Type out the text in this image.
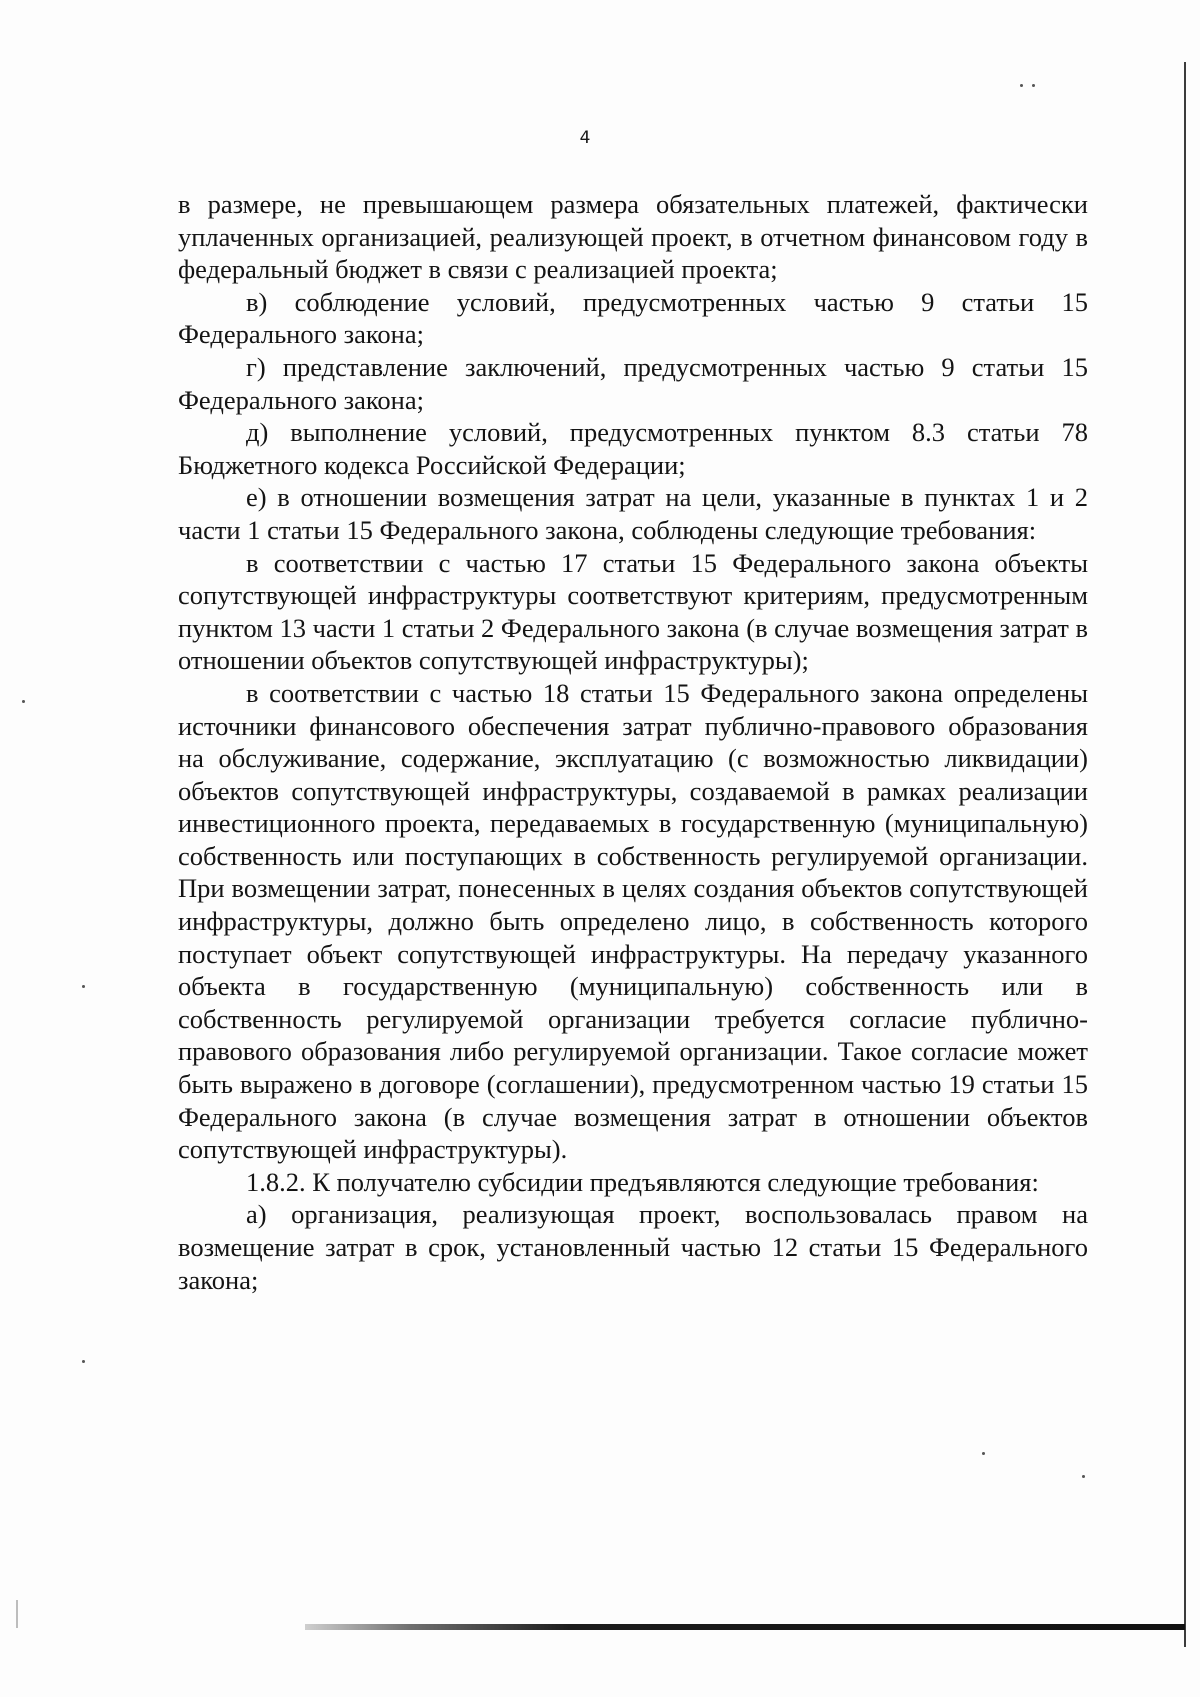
4

в размере, не превышающем размера обязательных платежей, фактически уплаченных организацией, реализующей проект, в отчетном финансовом году в федеральный бюджет в связи с реализацией проекта;

в) соблюдение условий, предусмотренных частью 9 статьи 15 Федерального закона;

г) представление заключений, предусмотренных частью 9 статьи 15 Федерального закона;

д) выполнение условий, предусмотренных пунктом 8.3 статьи 78 Бюджетного кодекса Российской Федерации;

е) в отношении возмещения затрат на цели, указанные в пунктах 1 и 2 части 1 статьи 15 Федерального закона, соблюдены следующие требования:

в соответствии с частью 17 статьи 15 Федерального закона объекты сопутствующей инфраструктуры соответствуют критериям, предусмотренным пунктом 13 части 1 статьи 2 Федерального закона (в случае возмещения затрат в отношении объектов сопутствующей инфраструктуры);

в соответствии с частью 18 статьи 15 Федерального закона определены источники финансового обеспечения затрат публично-правового образования на обслуживание, содержание, эксплуатацию (с возможностью ликвидации) объектов сопутствующей инфраструктуры, создаваемой в рамках реализации инвестиционного проекта, передаваемых в государственную (муниципальную) собственность или поступающих в собственность регулируемой организации. При возмещении затрат, понесенных в целях создания объектов сопутствующей инфраструктуры, должно быть определено лицо, в собственность которого поступает объект сопутствующей инфраструктуры. На передачу указанного объекта в государственную (муниципальную) собственность или в собственность регулируемой организации требуется согласие публично-правового образования либо регулируемой организации. Такое согласие может быть выражено в договоре (соглашении), предусмотренном частью 19 статьи 15 Федерального закона (в случае возмещения затрат в отношении объектов сопутствующей инфраструктуры).

1.8.2. К получателю субсидии предъявляются следующие требования:

а) организация, реализующая проект, воспользовалась правом на возмещение затрат в срок, установленный частью 12 статьи 15 Федерального закона;
